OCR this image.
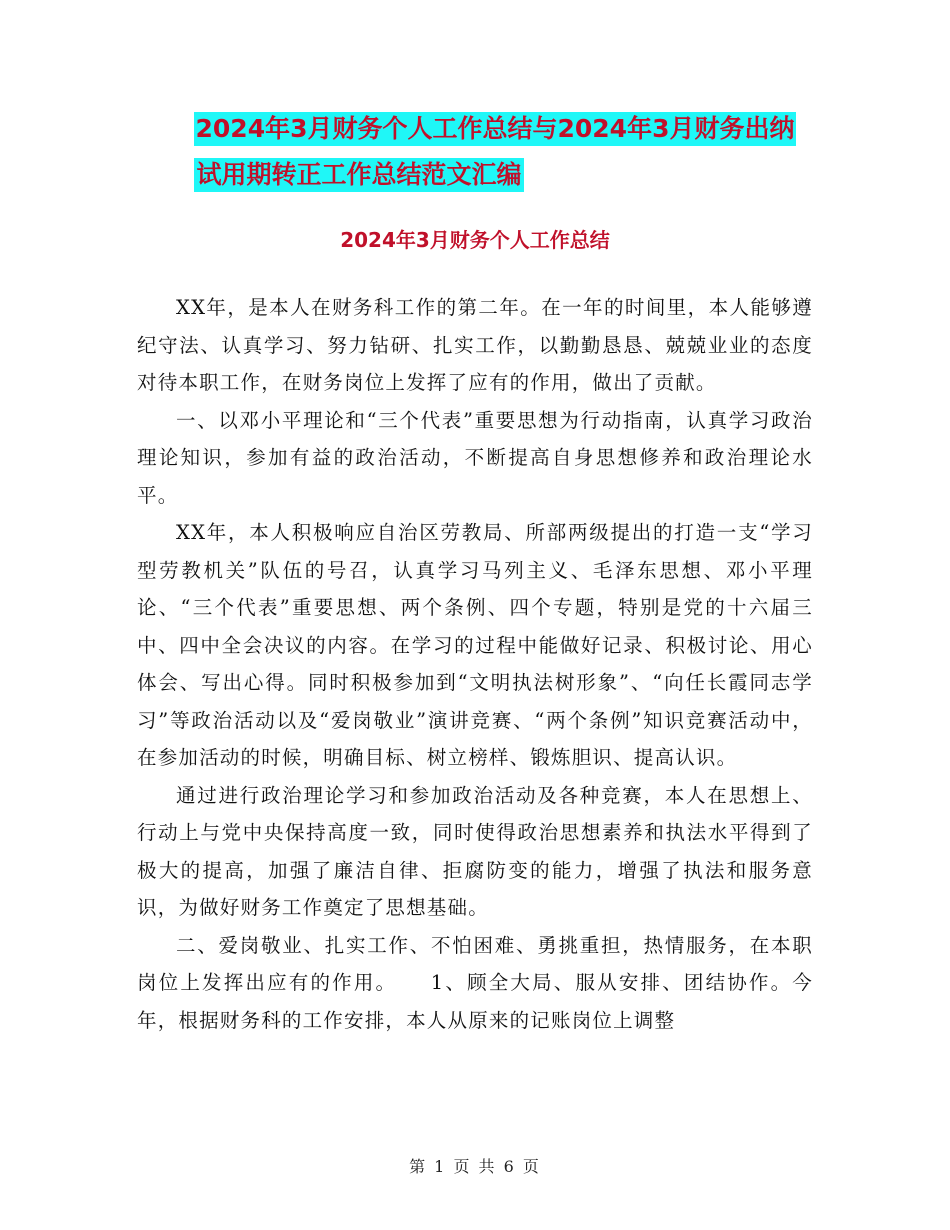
2024年3月财务个人工作总结与2024年3月财务出纳
试用期转正工作总结范文汇编
2024年3月财务个人工作总结

XX年，是本人在财务科工作的第二年。在一年的时间里，本人能够遵纪守法、认真学习、努力钻研、扎实工作，以勤勤恳恳、兢兢业业的态度对待本职工作，在财务岗位上发挥了应有的作用，做出了贡献。

一、以邓小平理论和“三个代表”重要思想为行动指南，认真学习政治理论知识，参加有益的政治活动，不断提高自身思想修养和政治理论水平。

XX年，本人积极响应自治区劳教局、所部两级提出的打造一支“学习型劳教机关”队伍的号召，认真学习马列主义、毛泽东思想、邓小平理论、“三个代表”重要思想、两个条例、四个专题，特别是党的十六届三中、四中全会决议的内容。在学习的过程中能做好记录、积极讨论、用心体会、写出心得。同时积极参加到“文明执法树形象”、“向任长霞同志学习”等政治活动以及“爱岗敬业”演讲竞赛、“两个条例”知识竞赛活动中，在参加活动的时候，明确目标、树立榜样、锻炼胆识、提高认识。

通过进行政治理论学习和参加政治活动及各种竞赛，本人在思想上、行动上与党中央保持高度一致，同时使得政治思想素养和执法水平得到了极大的提高，加强了廉洁自律、拒腐防变的能力，增强了执法和服务意识，为做好财务工作奠定了思想基础。

二、爱岗敬业、扎实工作、不怕困难、勇挑重担，热情服务，在本职岗位上发挥出应有的作用。　　1、顾全大局、服从安排、团结协作。今年，根据财务科的工作安排，本人从原来的记账岗位上调整

第 1 页 共 6 页
